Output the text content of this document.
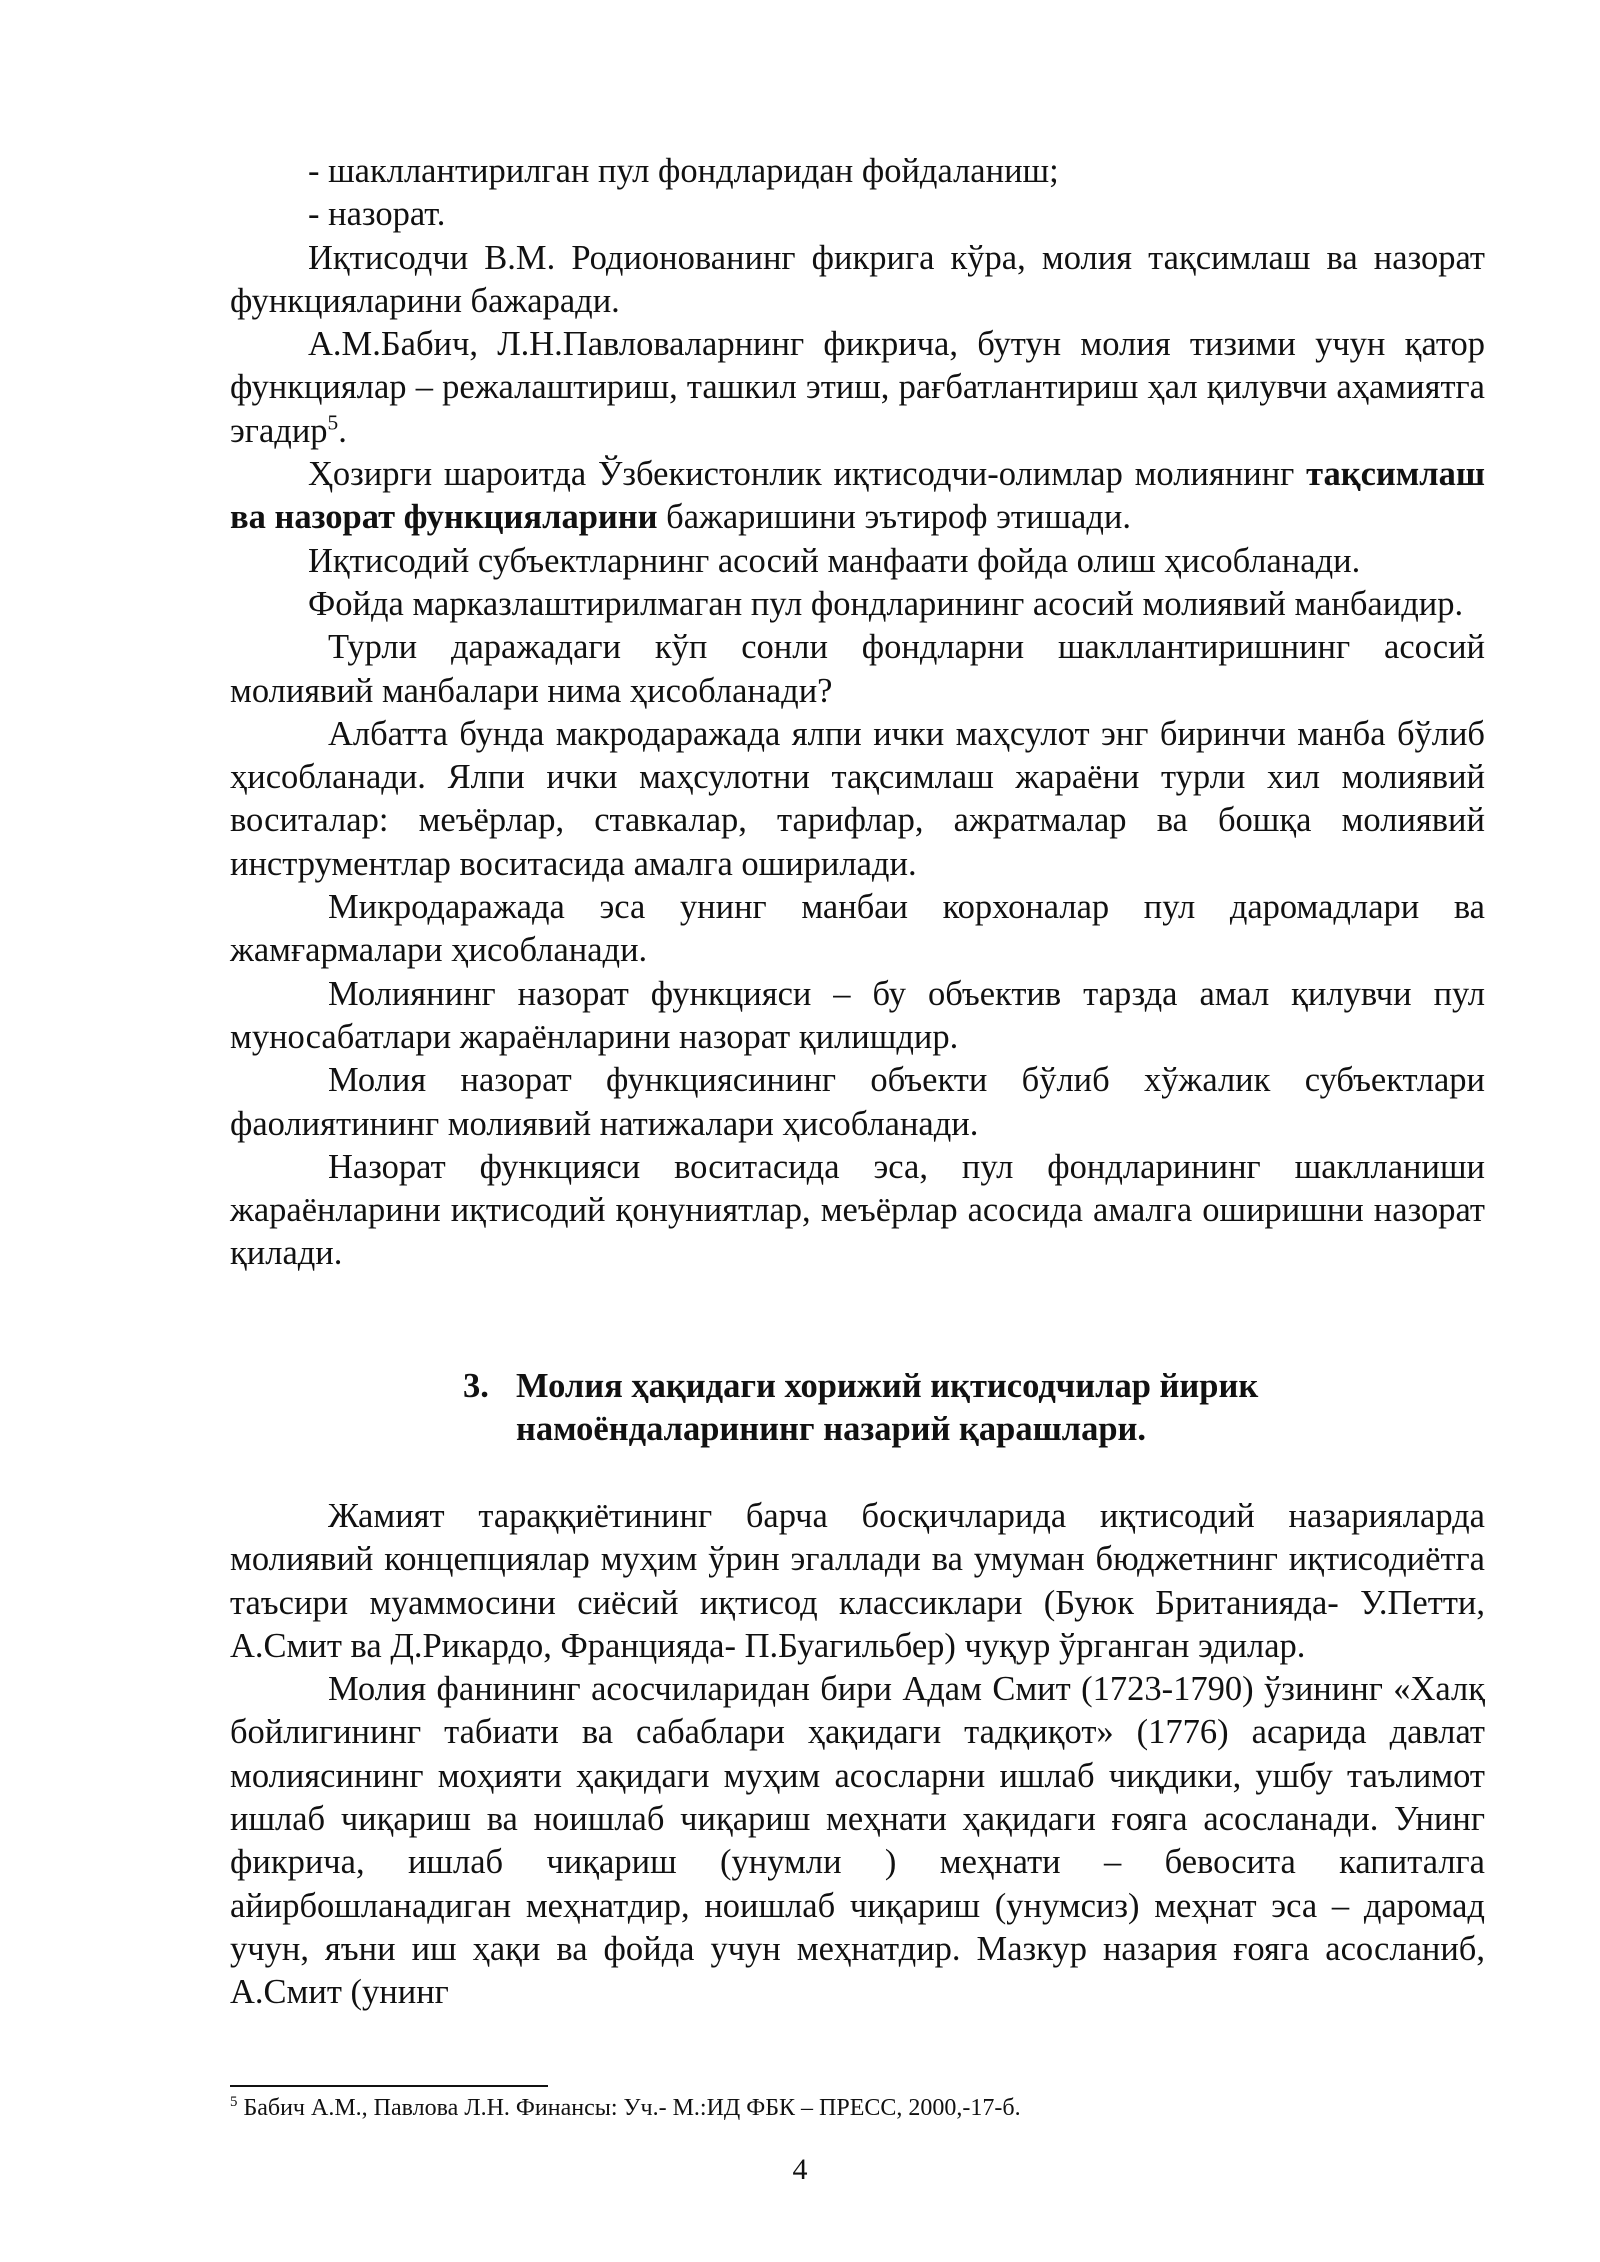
- шакллантирилган пул фондларидан фойдаланиш;

- назорат.

Иқтисодчи В.М. Родионованинг фикрига кўра, молия тақсимлаш ва назорат функцияларини бажаради.

А.М.Бабич, Л.Н.Павловаларнинг фикрича, бутун молия тизими учун қатор функциялар – режалаштириш, ташкил этиш, рағбатлантириш ҳал қилувчи аҳамиятга эгадир$^5$.

Ҳозирги шароитда Ўзбекистонлик иқтисодчи-олимлар молиянинг тақсимлаш ва назорат функцияларини бажаришини эътироф этишади.

Иқтисодий субъектларнинг асосий манфаати фойда олиш ҳисобланади.

Фойда марказлаштирилмаган пул фондларининг асосий молиявий манбаидир.

Турли даражадаги кўп сонли фондларни шакллантиришнинг асосий молиявий манбалари нима ҳисобланади?

Албатта бунда макродаражада ялпи ички маҳсулот энг биринчи манба бўлиб ҳисобланади. Ялпи ички маҳсулотни тақсимлаш жараёни турли хил молиявий воситалар: меъёрлар, ставкалар, тарифлар, ажратмалар ва бошқа молиявий инструментлар воситасида амалга оширилади.

Микродаражада эса унинг манбаи корхоналар пул даромадлари ва жамғармалари ҳисобланади.

Молиянинг назорат функцияси – бу объектив тарзда амал қилувчи пул муносабатлари жараёнларини назорат қилишдир.

Молия назорат функциясининг объекти бўлиб хўжалик субъектлари фаолиятининг молиявий натижалари ҳисобланади.

Назорат функцияси воситасида эса, пул фондларининг шаклланиши жараёнларини иқтисодий қонуниятлар, меъёрлар асосида амалга оширишни назорат қилади.

3. Молия ҳақидаги хорижий иқтисодчилар йирик намоёндаларининг назарий қарашлари.

Жамият тараққиётининг барча босқичларида иқтисодий назарияларда молиявий концепциялар муҳим ўрин эгаллади ва умуман бюджетнинг иқтисодиётга таъсири муаммосини сиёсий иқтисод классиклари (Буюк Британияда- У.Петти, А.Смит ва Д.Рикардо, Францияда- П.Буагильбер) чуқур ўрганган эдилар.

Молия фанининг асосчиларидан бири Адам Смит (1723-1790) ўзининг «Халқ бойлигининг табиати ва сабаблари ҳақидаги тадқиқот» (1776) асарида давлат молиясининг моҳияти ҳақидаги муҳим асосларни ишлаб чиқдики, ушбу таълимот ишлаб чиқариш ва ноишлаб чиқариш меҳнати ҳақидаги ғояга асосланади. Унинг фикрича, ишлаб чиқариш (унумли ) меҳнати – бевосита капиталга айирбошланадиган меҳнатдир, ноишлаб чиқариш (унумсиз) меҳнат эса – даромад учун, яъни иш ҳақи ва фойда учун меҳнатдир. Мазкур назария ғояга асосланиб, А.Смит (унинг

$^5$ Бабич А.М., Павлова Л.Н. Финансы: Уч.- М.:ИД ФБК – ПРЕСС, 2000,-17-б.
4
